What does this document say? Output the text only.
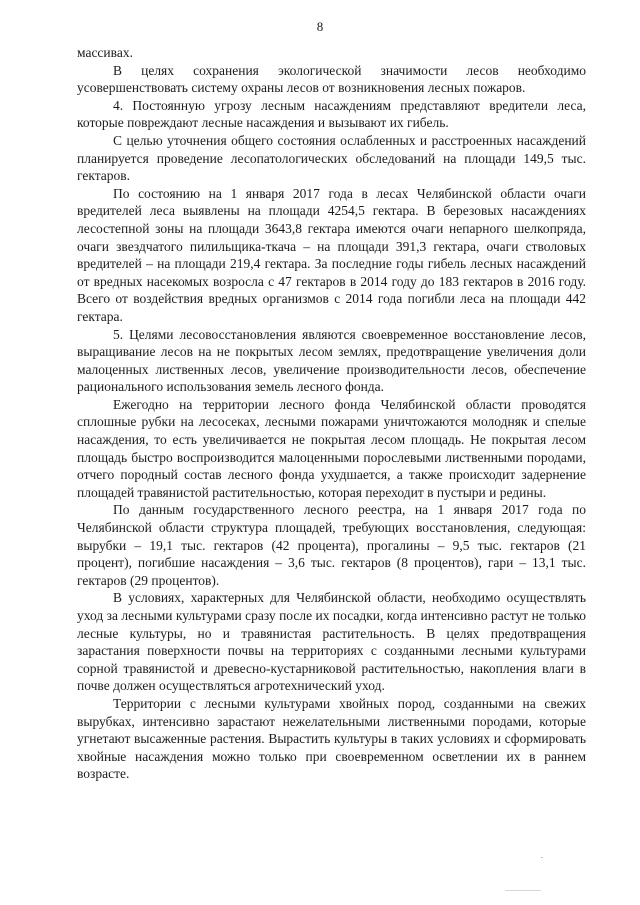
8

массивах.

В целях сохранения экологической значимости лесов необходимо усовершенствовать систему охраны лесов от возникновения лесных пожаров.

4. Постоянную угрозу лесным насаждениям представляют вредители леса, которые повреждают лесные насаждения и вызывают их гибель.

С целью уточнения общего состояния ослабленных и расстроенных насаждений планируется проведение лесопатологических обследований на площади 149,5 тыс. гектаров.

По состоянию на 1 января 2017 года в лесах Челябинской области очаги вредителей леса выявлены на площади 4254,5 гектара. В березовых насаждениях лесостепной зоны на площади 3643,8 гектара имеются очаги непарного шелкопряда, очаги звездчатого пилильщика-ткача – на площади 391,3 гектара, очаги стволовых вредителей – на площади 219,4 гектара. За последние годы гибель лесных насаждений от вредных насекомых возросла с 47 гектаров в 2014 году до 183 гектаров в 2016 году. Всего от воздействия вредных организмов с 2014 года погибли леса на площади 442 гектара.

5. Целями лесовосстановления являются своевременное восстановление лесов, выращивание лесов на не покрытых лесом землях, предотвращение увеличения доли малоценных лиственных лесов, увеличение производительности лесов, обеспечение рационального использования земель лесного фонда.

Ежегодно на территории лесного фонда Челябинской области проводятся сплошные рубки на лесосеках, лесными пожарами уничтожаются молодняк и спелые насаждения, то есть увеличивается не покрытая лесом площадь. Не покрытая лесом площадь быстро воспроизводится малоценными порослевыми лиственными породами, отчего породный состав лесного фонда ухудшается, а также происходит задернение площадей травянистой растительностью, которая переходит в пустыри и редины.

По данным государственного лесного реестра, на 1 января 2017 года по Челябинской области структура площадей, требующих восстановления, следующая: вырубки – 19,1 тыс. гектаров (42 процента), прогалины – 9,5 тыс. гектаров (21 процент), погибшие насаждения – 3,6 тыс. гектаров (8 процентов), гари – 13,1 тыс. гектаров (29 процентов).

В условиях, характерных для Челябинской области, необходимо осуществлять уход за лесными культурами сразу после их посадки, когда интенсивно растут не только лесные культуры, но и травянистая растительность. В целях предотвращения зарастания поверхности почвы на территориях с созданными лесными культурами сорной травянистой и древесно-кустарниковой растительностью, накопления влаги в почве должен осуществляться агротехнический уход.

Территории с лесными культурами хвойных пород, созданными на свежих вырубках, интенсивно зарастают нежелательными лиственными породами, которые угнетают высаженные растения. Вырастить культуры в таких условиях и сформировать хвойные насаждения можно только при своевременном осветлении их в раннем возрасте.
